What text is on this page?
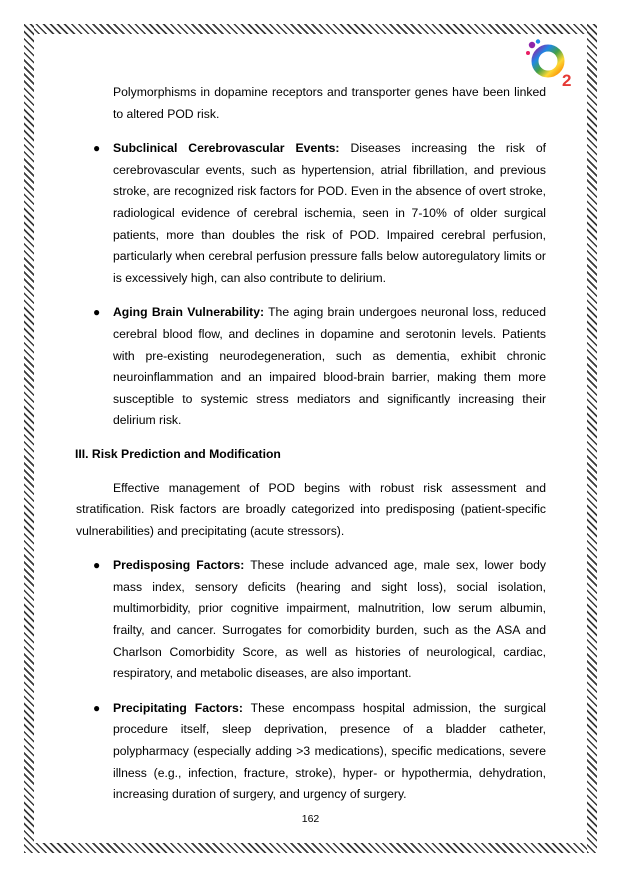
2

Polymorphisms in dopamine receptors and transporter genes have been linked to altered POD risk.

● Subclinical Cerebrovascular Events: Diseases increasing the risk of cerebrovascular events, such as hypertension, atrial fibrillation, and previous stroke, are recognized risk factors for POD. Even in the absence of overt stroke, radiological evidence of cerebral ischemia, seen in 7-10% of older surgical patients, more than doubles the risk of POD. Impaired cerebral perfusion, particularly when cerebral perfusion pressure falls below autoregulatory limits or is excessively high, can also contribute to delirium.

● Aging Brain Vulnerability: The aging brain undergoes neuronal loss, reduced cerebral blood flow, and declines in dopamine and serotonin levels. Patients with pre-existing neurodegeneration, such as dementia, exhibit chronic neuroinflammation and an impaired blood-brain barrier, making them more susceptible to systemic stress mediators and significantly increasing their delirium risk.

III. Risk Prediction and Modification

Effective management of POD begins with robust risk assessment and stratification. Risk factors are broadly categorized into predisposing (patient-specific vulnerabilities) and precipitating (acute stressors).

● Predisposing Factors: These include advanced age, male sex, lower body mass index, sensory deficits (hearing and sight loss), social isolation, multimorbidity, prior cognitive impairment, malnutrition, low serum albumin, frailty, and cancer. Surrogates for comorbidity burden, such as the ASA and Charlson Comorbidity Score, as well as histories of neurological, cardiac, respiratory, and metabolic diseases, are also important.

● Precipitating Factors: These encompass hospital admission, the surgical procedure itself, sleep deprivation, presence of a bladder catheter, polypharmacy (especially adding >3 medications), specific medications, severe illness (e.g., infection, fracture, stroke), hyper- or hypothermia, dehydration, increasing duration of surgery, and urgency of surgery.

162
